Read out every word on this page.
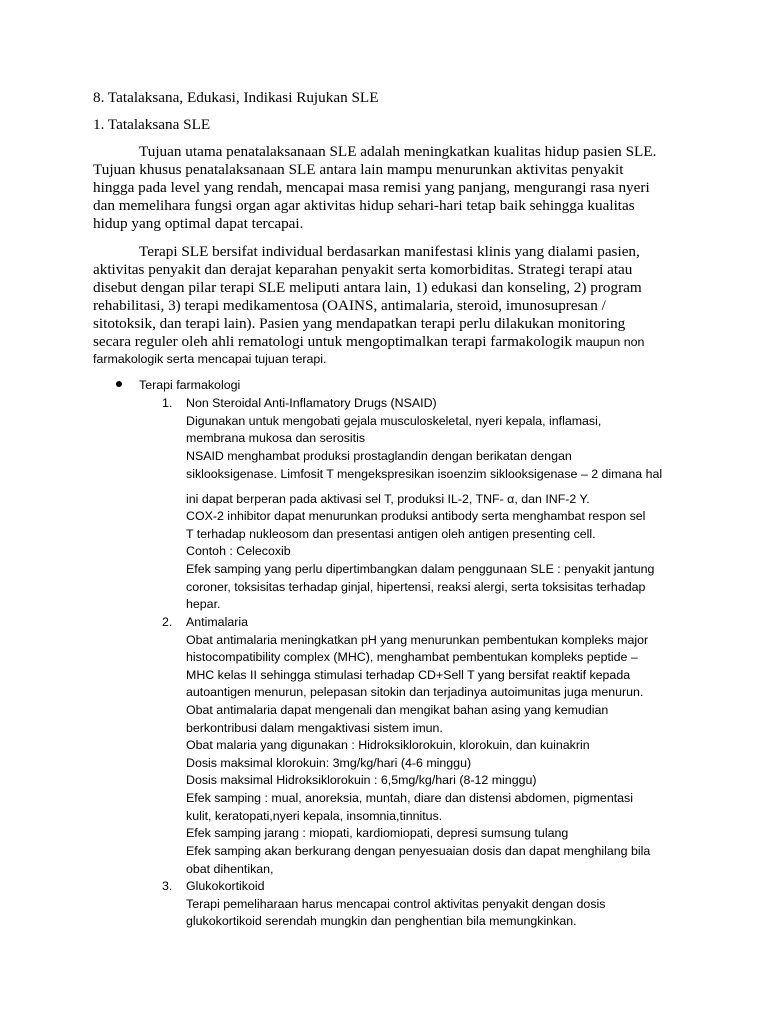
8. Tatalaksana, Edukasi, Indikasi Rujukan SLE
1. Tatalaksana SLE
Tujuan utama penatalaksanaan SLE adalah meningkatkan kualitas hidup pasien SLE.
Tujuan khusus penatalaksanaan SLE antara lain mampu menurunkan aktivitas penyakit
hingga pada level yang rendah, mencapai masa remisi yang panjang, mengurangi rasa nyeri
dan memelihara fungsi organ agar aktivitas hidup sehari-hari tetap baik sehingga kualitas
hidup yang optimal dapat tercapai.
Terapi SLE bersifat individual berdasarkan manifestasi klinis yang dialami pasien,
aktivitas penyakit dan derajat keparahan penyakit serta komorbiditas. Strategi terapi atau
disebut dengan pilar terapi SLE meliputi antara lain, 1) edukasi dan konseling, 2) program
rehabilitasi, 3) terapi medikamentosa (OAINS, antimalaria, steroid, imunosupresan /
sitotoksik, dan terapi lain). Pasien yang mendapatkan terapi perlu dilakukan monitoring
secara reguler oleh ahli rematologi untuk mengoptimalkan terapi farmakologik maupun non
farmakologik serta mencapai tujuan terapi.
Terapi farmakologi
1. Non Steroidal Anti-Inflamatory Drugs (NSAID)
Digunakan untuk mengobati gejala musculoskeletal, nyeri kepala, inflamasi,
membrana mukosa dan serositis
NSAID menghambat produksi prostaglandin dengan berikatan dengan
siklooksigenase. Limfosit T mengekspresikan isoenzim siklooksigenase – 2 dimana hal
ini dapat berperan pada aktivasi sel T, produksi IL-2, TNF- α, dan INF-2 Y.
COX-2 inhibitor dapat menurunkan produksi antibody serta menghambat respon sel
T terhadap nukleosom dan presentasi antigen oleh antigen presenting cell.
Contoh : Celecoxib
Efek samping yang perlu dipertimbangkan dalam penggunaan SLE : penyakit jantung
coroner, toksisitas terhadap ginjal, hipertensi, reaksi alergi, serta toksisitas terhadap
hepar.
2. Antimalaria
Obat antimalaria meningkatkan pH yang menurunkan pembentukan kompleks major
histocompatibility complex (MHC), menghambat pembentukan kompleks peptide –
MHC kelas II sehingga stimulasi terhadap CD+Sell T yang bersifat reaktif kepada
autoantigen menurun, pelepasan sitokin dan terjadinya autoimunitas juga menurun.
Obat antimalaria dapat mengenali dan mengikat bahan asing yang kemudian
berkontribusi dalam mengaktivasi sistem imun.
Obat malaria yang digunakan : Hidroksiklorokuin, klorokuin, dan kuinakrin
Dosis maksimal klorokuin: 3mg/kg/hari (4-6 minggu)
Dosis maksimal Hidroksiklorokuin : 6,5mg/kg/hari (8-12 minggu)
Efek samping : mual, anoreksia, muntah, diare dan distensi abdomen, pigmentasi
kulit, keratopati,nyeri kepala, insomnia,tinnitus.
Efek samping jarang : miopati, kardiomiopati, depresi sumsung tulang
Efek samping akan berkurang dengan penyesuaian dosis dan dapat menghilang bila
obat dihentikan,
3. Glukokortikoid
Terapi pemeliharaan harus mencapai control aktivitas penyakit dengan dosis
glukokortikoid serendah mungkin dan penghentian bila memungkinkan.
